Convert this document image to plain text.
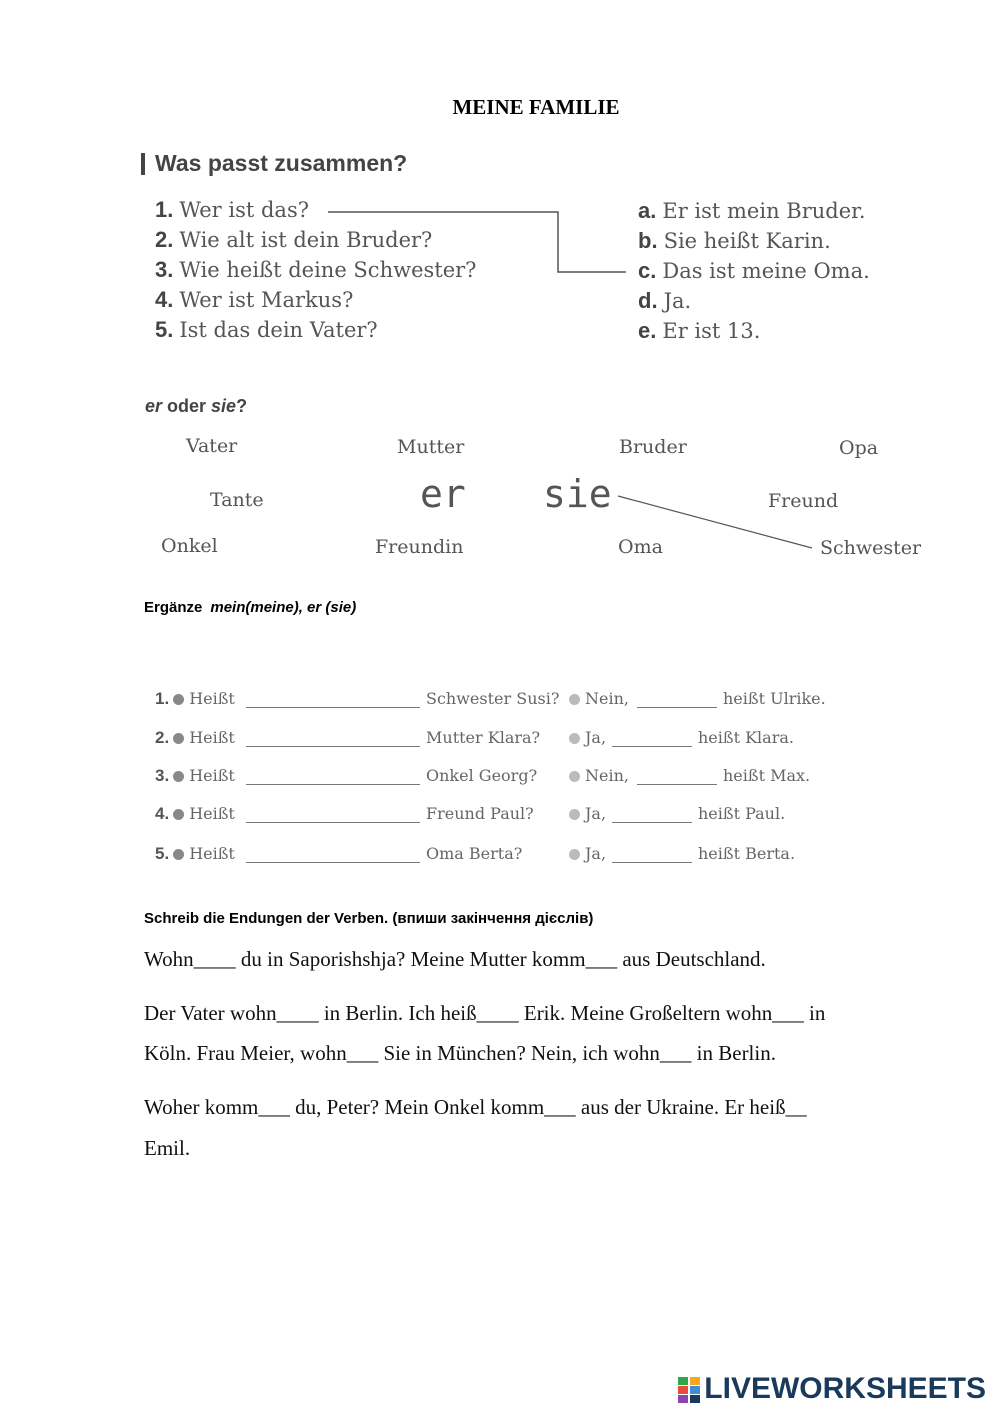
MEINE FAMILIE
Was passt zusammen?
1. Wer ist das?
2. Wie alt ist dein Bruder?
3. Wie heißt deine Schwester?
4. Wer ist Markus?
5. Ist das dein Vater?
a. Er ist mein Bruder.
b. Sie heißt Karin.
c. Das ist meine Oma.
d. Ja.
e. Er ist 13.
er oder sie?
Vater	Mutter	Bruder	Opa
Tante	Freund
Onkel	Freundin	Oma	Schwester
er sie
Ergänze mein(meine), er (sie)
1. Heißt	Schwester Susi?	Nein,	heißt Ulrike.
2. Heißt	Mutter Klara?	Ja,	heißt Klara.
3. Heißt	Onkel Georg?	Nein,	heißt Max.
4. Heißt	Freund Paul?	Ja,	heißt Paul.
5. Heißt	Oma Berta?	Ja,	heißt Berta.
Schreib die Endungen der Verben. (впиши закінчення дієслів)
Wohn____ du in Saporishshja? Meine Mutter komm___ aus Deutschland.
Der Vater wohn____ in Berlin. Ich heiß____ Erik. Meine Großeltern wohn___ in
Köln. Frau Meier, wohn___ Sie in München? Nein, ich wohn___ in Berlin.
Woher komm___ du, Peter? Mein Onkel komm___ aus der Ukraine. Er heiß__
Emil.
LIVEWORKSHEETS
